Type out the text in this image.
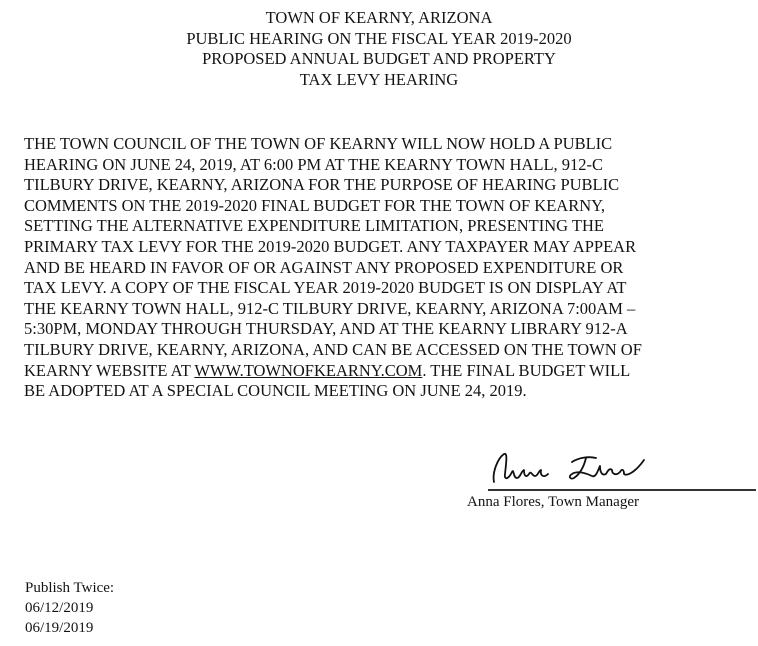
TOWN OF KEARNY, ARIZONA
PUBLIC HEARING ON THE FISCAL YEAR 2019-2020
PROPOSED ANNUAL BUDGET AND PROPERTY
TAX LEVY HEARING
THE TOWN COUNCIL OF THE TOWN OF KEARNY WILL NOW HOLD A PUBLIC
HEARING ON JUNE 24, 2019, AT 6:00 PM AT THE KEARNY TOWN HALL, 912-C
TILBURY DRIVE, KEARNY, ARIZONA FOR THE PURPOSE OF HEARING PUBLIC
COMMENTS ON THE 2019-2020 FINAL BUDGET FOR THE TOWN OF KEARNY,
SETTING THE ALTERNATIVE EXPENDITURE LIMITATION, PRESENTING THE
PRIMARY TAX LEVY FOR THE 2019-2020 BUDGET. ANY TAXPAYER MAY APPEAR
AND BE HEARD IN FAVOR OF OR AGAINST ANY PROPOSED EXPENDITURE OR
TAX LEVY. A COPY OF THE FISCAL YEAR 2019-2020 BUDGET IS ON DISPLAY AT
THE KEARNY TOWN HALL, 912-C TILBURY DRIVE, KEARNY, ARIZONA 7:00AM –
5:30PM, MONDAY THROUGH THURSDAY, AND AT THE KEARNY LIBRARY 912-A
TILBURY DRIVE, KEARNY, ARIZONA, AND CAN BE ACCESSED ON THE TOWN OF
KEARNY WEBSITE AT WWW.TOWNOFKEARNY.COM. THE FINAL BUDGET WILL
BE ADOPTED AT A SPECIAL COUNCIL MEETING ON JUNE 24, 2019.
Anna Flores, Town Manager
Publish Twice:
06/12/2019
06/19/2019
